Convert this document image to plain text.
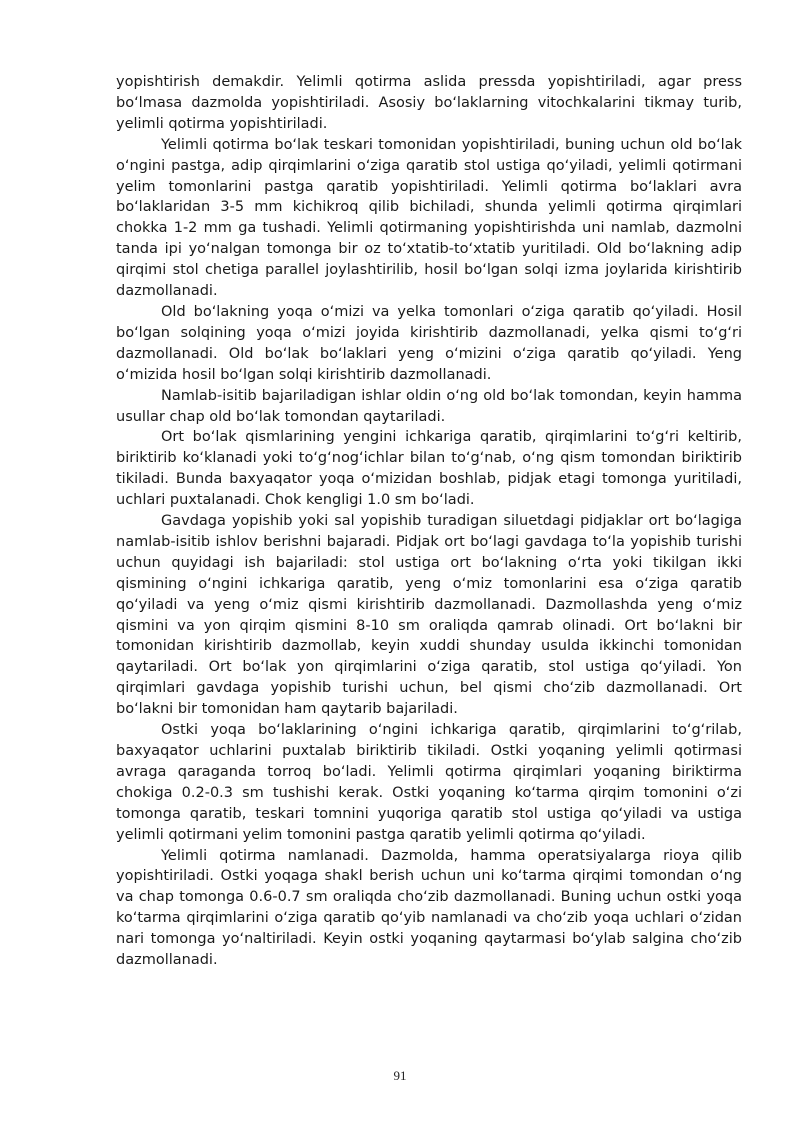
yopishtirish demakdir. Yelimli qotirma aslida pressda yopishtiriladi, agar press bo‘lmasa dazmolda yopishtiriladi. Asosiy bo‘laklarning vitochkalarini tikmay turib, yelimli qotirma yopishtiriladi.

Yelimli qotirma bo‘lak teskari tomonidan yopishtiriladi, buning uchun old bo‘lak o‘ngini pastga, adip qirqimlarini o‘ziga qaratib stol ustiga qo‘yiladi, yelimli qotirmani yelim tomonlarini pastga qaratib yopishtiriladi. Yelimli qotirma bo‘laklari avra bo‘laklaridan 3-5 mm kichikroq qilib bichiladi, shunda yelimli qotirma qirqimlari chokka 1-2 mm ga tushadi. Yelimli qotirmaning yopishtirishda uni namlab, dazmolni tanda ipi yo‘nalgan tomonga bir oz to‘xtatib-to‘xtatib yuritiladi. Old bo‘lakning adip qirqimi stol chetiga parallel joylashtirilib, hosil bo‘lgan solqi izma joylarida kirishtirib dazmollanadi.

Old bo‘lakning yoqa o‘mizi va yelka tomonlari o‘ziga qaratib qo‘yiladi. Hosil bo‘lgan solqining yoqa o‘mizi joyida kirishtirib dazmollanadi, yelka qismi to‘g‘ri dazmollanadi. Old bo‘lak bo‘laklari yeng o‘mizini o‘ziga qaratib qo‘yiladi. Yeng o‘mizida hosil bo‘lgan solqi kirishtirib dazmollanadi.

Namlab-isitib bajariladigan ishlar oldin o‘ng old bo‘lak tomondan, keyin hamma usullar chap old bo‘lak tomondan qaytariladi.

Ort bo‘lak qismlarining yengini ichkariga qaratib, qirqimlarini to‘g‘ri keltirib, biriktirib ko‘klanadi yoki to‘g‘nog‘ichlar bilan to‘g‘nab, o‘ng qism tomondan biriktirib tikiladi. Bunda baxyaqator yoqa o‘mizidan boshlab, pidjak etagi tomonga yuritiladi, uchlari puxtalanadi. Chok kengligi 1.0 sm bo‘ladi.

Gavdaga yopishib yoki sal yopishib turadigan siluetdagi pidjaklar ort bo‘lagiga namlab-isitib ishlov berishni bajaradi. Pidjak ort bo‘lagi gavdaga to‘la yopishib turishi uchun quyidagi ish bajariladi: stol ustiga ort bo‘lakning o‘rta yoki tikilgan ikki qismining o‘ngini ichkariga qaratib, yeng o‘miz tomonlarini esa o‘ziga qaratib qo‘yiladi va yeng o‘miz qismi kirishtirib dazmollanadi. Dazmollashda yeng o‘miz qismini va yon qirqim qismini 8-10 sm oraliqda qamrab olinadi. Ort bo‘lakni bir tomonidan kirishtirib dazmollab, keyin xuddi shunday usulda ikkinchi tomonidan qaytariladi. Ort bo‘lak yon qirqimlarini o‘ziga qaratib, stol ustiga qo‘yiladi. Yon qirqimlari gavdaga yopishib turishi uchun, bel qismi cho‘zib dazmollanadi. Ort bo‘lakni bir tomonidan ham qaytarib bajariladi.

Ostki yoqa bo‘laklarining o‘ngini ichkariga qaratib, qirqimlarini to‘g‘rilab, baxyaqator uchlarini puxtalab biriktirib tikiladi. Ostki yoqaning yelimli qotirmasi avraga qaraganda torroq bo‘ladi. Yelimli qotirma qirqimlari yoqaning biriktirma chokiga 0.2-0.3 sm tushishi kerak. Ostki yoqaning ko‘tarma qirqim tomonini o‘zi tomonga qaratib, teskari tomnini yuqoriga qaratib stol ustiga qo‘yiladi va ustiga yelimli qotirmani yelim tomonini pastga qaratib yelimli qotirma qo‘yiladi.

Yelimli qotirma namlanadi. Dazmolda, hamma operatsiyalarga rioya qilib yopishtiriladi. Ostki yoqaga shakl berish uchun uni ko‘tarma qirqimi tomondan o‘ng va chap tomonga 0.6-0.7 sm oraliqda cho‘zib dazmollanadi. Buning uchun ostki yoqa ko‘tarma qirqimlarini o‘ziga qaratib qo‘yib namlanadi va cho‘zib yoqa uchlari o‘zidan nari tomonga yo‘naltiriladi. Keyin ostki yoqaning qaytarmasi bo‘ylab salgina cho‘zib dazmollanadi.

91
